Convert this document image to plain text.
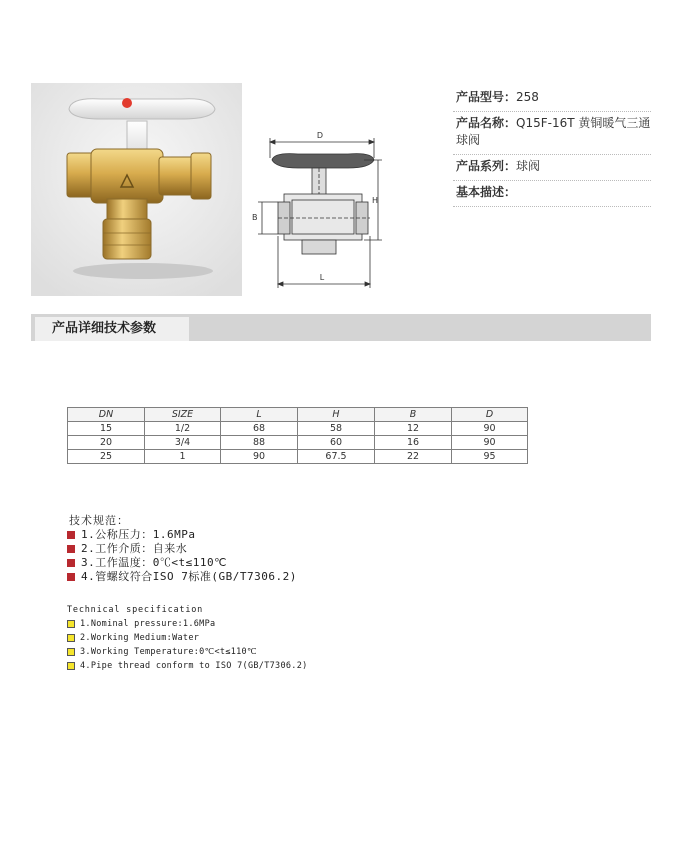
D
H
B
L
产品型号：258
产品名称：Q15F-16T 黄铜暖气三通球阀
产品系列：球阀
基本描述：
产品详细技术参数
DN	SIZE	L	H	B	D
15	1/2	68	58	12	90
20	3/4	88	60	16	90
25	1	90	67.5	22	95
技术规范：
1.公称压力：1.6MPa
2.工作介质：自来水
3.工作温度：0℃<t≤110℃
4.管螺纹符合ISO 7标准(GB/T7306.2)
Technical specification
1.Nominal pressure:1.6MPa
2.Working Medium:Water
3.Working Temperature:0℃<t≤110℃
4.Pipe thread conform to ISO 7(GB/T7306.2)
